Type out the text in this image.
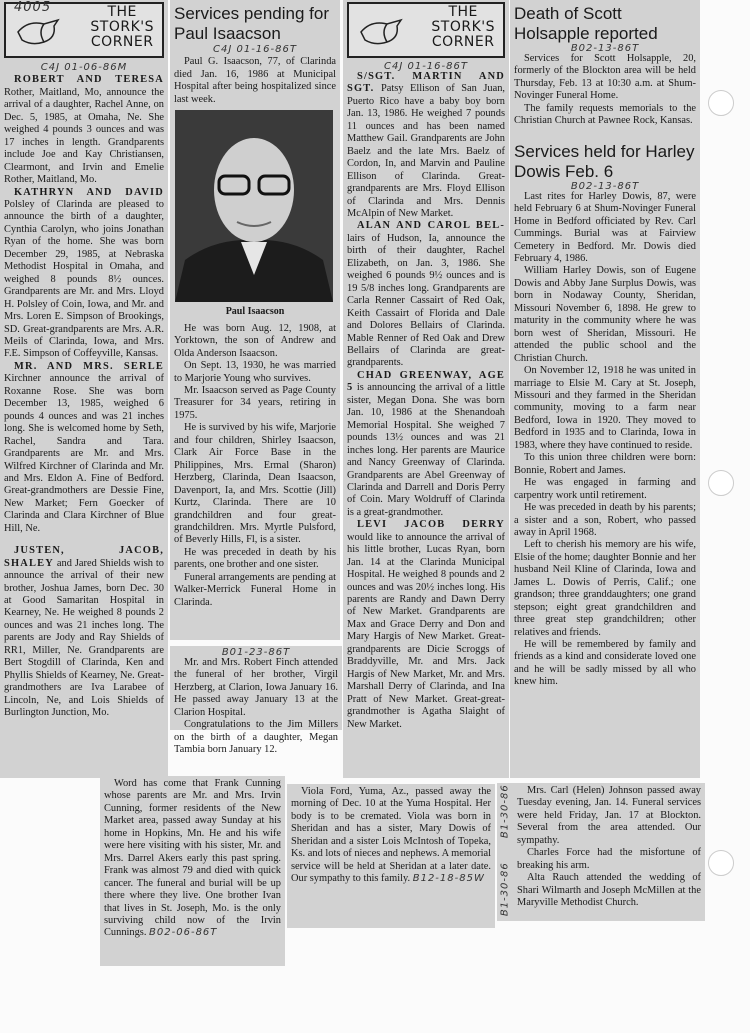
4005	THE
STORK'S
CORNER
C4J 01-06-86M

ROBERT AND TERESA Rother, Maitland, Mo, announce the arrival of a daughter, Rachel Anne, on Dec. 5, 1985, at Omaha, Ne. She weighed 4 pounds 3 ounces and was 17 inches in length. Grandparents include Joe and Kay Christiansen, Clearmont, and Irvin and Emelie Rother, Maitland, Mo.

KATHRYN AND DAVID Polsley of Clarinda are pleased to announce the birth of a daughter, Cynthia Carolyn, who joins Jonathan Ryan of the home. She was born December 29, 1985, at Nebraska Methodist Hospital in Omaha, and weighed 8 pounds 8½ ounces. Grandparents are Mr. and Mrs. Lloyd H. Polsley of Coin, Iowa, and Mr. and Mrs. Loren E. Simpson of Brookings, SD. Great-grandparents are Mrs. A.R. Meils of Clarinda, Iowa, and Mrs. F.E. Simpson of Coffeyville, Kansas.

MR. AND MRS. SERLE Kirchner announce the arrival of Roxanne Rose. She was born December 13, 1985, weighed 6 pounds 4 ounces and was 21 inches long. She is welcomed home by Seth, Rachel, Sandra and Tara. Grandparents are Mr. and Mrs. Wilfred Kirchner of Clarinda and Mr. and Mrs. Eldon A. Fine of Bedford. Great-grandmothers are Dessie Fine, New Market; Fern Goecker of Clarinda and Clara Kirchner of Blue Hill, Ne.

JUSTEN, JACOB, SHALEY and Jared Shields wish to announce the arrival of their new brother, Joshua James, born Dec. 30 at Good Samaritan Hospital in Kearney, Ne. He weighed 8 pounds 2 ounces and was 21 inches long. The parents are Jody and Ray Shields of RR1, Miller, Ne. Grandparents are Bert Stogdill of Clarinda, Ken and Phyllis Shields of Kearney, Ne. Great-grandmothers are Iva Larabee of Lincoln, Ne, and Lois Shields of Burlington Junction, Mo.

Services pending for Paul Isaacson
C4J 01-16-86T

Paul G. Isaacson, 77, of Clarinda died Jan. 16, 1986 at Municipal Hospital after being hospitalized since last week.

Paul Isaacson

He was born Aug. 12, 1908, at Yorktown, the son of Andrew and Olda Anderson Isaacson.

On Sept. 13, 1930, he was married to Marjorie Young who survives.

Mr. Isaacson served as Page County Treasurer for 34 years, retiring in 1975.

He is survived by his wife, Marjorie and four children, Shirley Isaacson, Clark Air Force Base in the Philippines, Mrs. Ermal (Sharon) Herzberg, Clarinda, Dean Isaacson, Davenport, Ia, and Mrs. Scottie (Jill) Kurtz, Clarinda. There are 10 grandchildren and four great-grandchildren. Mrs. Myrtle Pulsford, of Beverly Hills, Fl, is a sister.

He was preceded in death by his parents, one brother and one sister.

Funeral arrangements are pending at Walker-Merrick Funeral Home in Clarinda.

B01-23-86T

Mr. and Mrs. Robert Finch attended the funeral of her brother, Virgil Herzberg, at Clarion, Iowa January 16. He passed away January 13 at the Clarion Hospital.

Congratulations to the Jim Millers on the birth of a daughter, Megan Tambia born January 12.

THE
STORK'S
CORNER
C4J 01-16-86T

S/SGT. MARTIN AND SGT. Patsy Ellison of San Juan, Puerto Rico have a baby boy born Jan. 13, 1986. He weighed 7 pounds 11 ounces and has been named Matthew Gail. Grandparents are John Baelz and the late Mrs. Baelz of Cordon, In, and Marvin and Pauline Ellison of Clarinda. Great-grandparents are Mrs. Floyd Ellison of Clarinda and Mrs. Dennis McAlpin of New Market.

ALAN AND CAROL BEL- lairs of Hudson, Ia, announce the birth of their daughter, Rachel Elizabeth, on Jan. 3, 1986. She weighed 6 pounds 9½ ounces and is 19 5/8 inches long. Grandparents are Carla Renner Cassairt of Red Oak, Keith Cassairt of Florida and Dale and Dolores Bellairs of Clarinda. Mable Renner of Red Oak and Drew Bellairs of Clarinda are great-grandparents.

CHAD GREENWAY, AGE 5 is announcing the arrival of a little sister, Megan Dona. She was born Jan. 10, 1986 at the Shenandoah Memorial Hospital. She weighed 7 pounds 13½ ounces and was 21 inches long. Her parents are Maurice and Nancy Greenway of Clarinda. Grandparents are Abel Greenway of Clarinda and Darrell and Doris Perry of Coin. Mary Woldruff of Clarinda is a great-grandmother.

LEVI JACOB DERRY would like to announce the arrival of his little brother, Lucas Ryan, born Jan. 14 at the Clarinda Municipal Hospital. He weighed 8 pounds and 2 ounces and was 20½ inches long. His parents are Randy and Dawn Derry of New Market. Grandparents are Max and Grace Derry and Don and Mary Hargis of New Market. Great-grandparents are Dicie Scroggs of Braddyville, Mr. and Mrs. Jack Hargis of New Market, Mr. and Mrs. Marshall Derry of Clarinda, and Ina Pratt of New Market. Great-great-grandmother is Agatha Slaight of New Market.

Death of Scott Holsapple reported
B02-13-86T

Services for Scott Holsapple, 20, formerly of the Blockton area will be held Thursday, Feb. 13 at 10:30 a.m. at Shum-Novinger Funeral Home.

The family requests memorials to the Christian Church at Pawnee Rock, Kansas.

Services held for Harley Dowis Feb. 6
B02-13-86T

Last rites for Harley Dowis, 87, were held February 6 at Shum-Novinger Funeral Home in Bedford officiated by Rev. Carl Cummings. Burial was at Fairview Cemetery in Bedford. Mr. Dowis died February 4, 1986.

William Harley Dowis, son of Eugene Dowis and Abby Jane Surplus Dowis, was born in Nodaway County, Sheridan, Missouri November 6, 1898. He grew to maturity in the community where he was born west of Sheridan, Missouri. He attended the public school and the Christian Church.

On November 12, 1918 he was united in marriage to Elsie M. Cary at St. Joseph, Missouri and they farmed in the Sheridan community, moving to a farm near Bedford, Iowa in 1920. They moved to Bedford in 1935 and to Clarinda, Iowa in 1983, where they have continued to reside.

To this union three children were born: Bonnie, Robert and James.

He was engaged in farming and carpentry work until retirement.

He was preceded in death by his parents; a sister and a son, Robert, who passed away in April 1968.

Left to cherish his memory are his wife, Elsie of the home; daughter Bonnie and her husband Neil Kline of Clarinda, Iowa and James L. Dowis of Perris, Calif.; one grandson; three granddaughters; one grand stepson; eight great grandchildren and three great step grandchildren; other relatives and friends.

He will be remembered by family and friends as a kind and considerate loved one and he will be sadly missed by all who knew him.

Word has come that Frank Cunning whose parents are Mr. and Mrs. Irvin Cunning, former residents of the New Market area, passed away Sunday at his home in Hopkins, Mn. He and his wife were here visiting with his sister, Mr. and Mrs. Darrel Akers early this past spring. Frank was almost 79 and died with quick cancer. The funeral and burial will be up there where they live. One brother Ivan that lives in St. Joseph, Mo. is the only surviving child now of the Irvin Cunnings. B02-06-86T

Viola Ford, Yuma, Az., passed away the morning of Dec. 10 at the Yuma Hospital. Her body is to be cremated. Viola was born in Sheridan and has a sister, Mary Dowis of Sheridan and a sister Lois McIntosh of Topeka, Ks. and lots of nieces and nephews. A memorial service will be held at Sheridan at a later date. Our sympathy to this family. B12-18-85W

B1-30-86
B1-30-86

Mrs. Carl (Helen) Johnson passed away Tuesday evening, Jan. 14. Funeral services were held Friday, Jan. 17 at Blockton. Several from the area attended. Our sympathy.

Charles Force had the misfortune of breaking his arm.

Alta Rauch attended the wedding of Shari Wilmarth and Joseph McMillen at the Maryville Methodist Church.
